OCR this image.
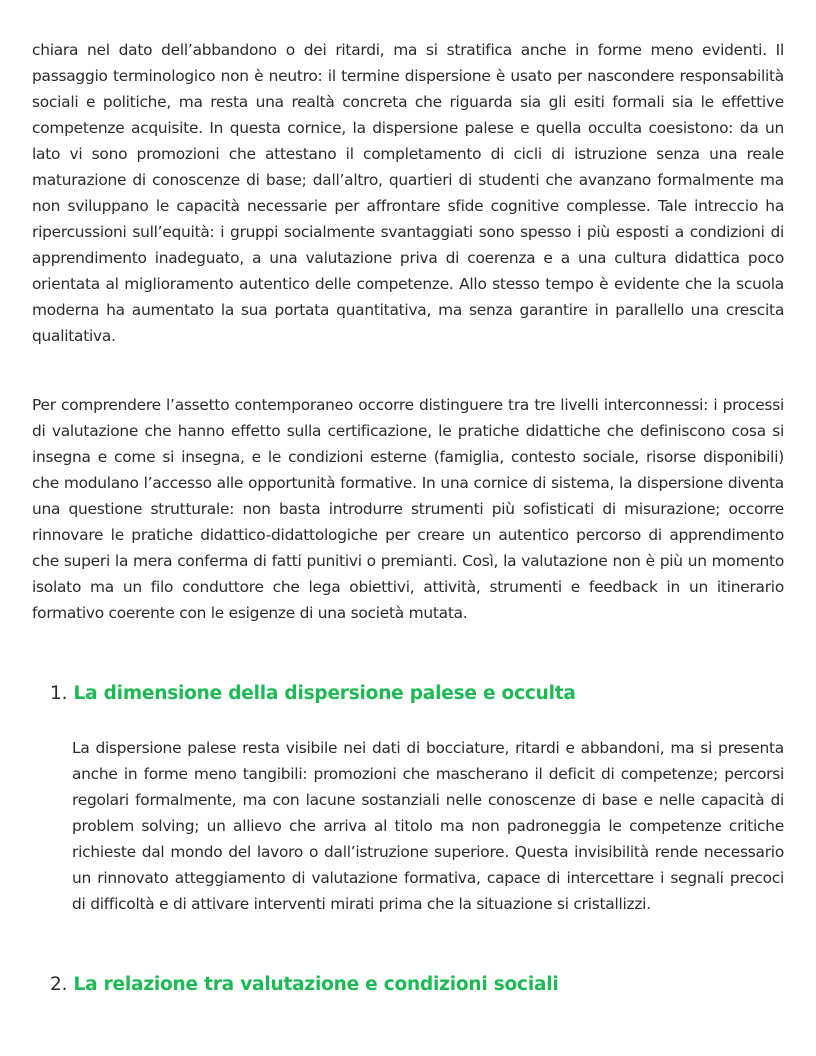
chiara nel dato dell’abbandono o dei ritardi, ma si stratifica anche in forme meno evidenti. Il passaggio terminologico non è neutro: il termine dispersione è usato per nascondere responsabilità sociali e politiche, ma resta una realtà concreta che riguarda sia gli esiti formali sia le effettive competenze acquisite. In questa cornice, la dispersione palese e quella occulta coesistono: da un lato vi sono promozioni che attestano il completamento di cicli di istruzione senza una reale maturazione di conoscenze di base; dall’altro, quartieri di studenti che avanzano formalmente ma non sviluppano le capacità necessarie per affrontare sfide cognitive complesse. Tale intreccio ha ripercussioni sull’equità: i gruppi socialmente svantaggiati sono spesso i più esposti a condizioni di apprendimento inadeguato, a una valutazione priva di coerenza e a una cultura didattica poco orientata al miglioramento autentico delle competenze. Allo stesso tempo è evidente che la scuola moderna ha aumentato la sua portata quantitativa, ma senza garantire in parallello una crescita qualitativa.

Per comprendere l’assetto contemporaneo occorre distinguere tra tre livelli interconnessi: i processi di valutazione che hanno effetto sulla certificazione, le pratiche didattiche che definiscono cosa si insegna e come si insegna, e le condizioni esterne (famiglia, contesto sociale, risorse disponibili) che modulano l’accesso alle opportunità formative. In una cornice di sistema, la dispersione diventa una questione strutturale: non basta introdurre strumenti più sofisticati di misurazione; occorre rinnovare le pratiche didattico-didattologiche per creare un autentico percorso di apprendimento che superi la mera conferma di fatti punitivi o premianti. Così, la valutazione non è più un momento isolato ma un filo conduttore che lega obiettivi, attività, strumenti e feedback in un itinerario formativo coerente con le esigenze di una società mutata.

1. La dimensione della dispersione palese e occulta

La dispersione palese resta visibile nei dati di bocciature, ritardi e abbandoni, ma si presenta anche in forme meno tangibili: promozioni che mascherano il deficit di competenze; percorsi regolari formalmente, ma con lacune sostanziali nelle conoscenze di base e nelle capacità di problem solving; un allievo che arriva al titolo ma non padroneggia le competenze critiche richieste dal mondo del lavoro o dall’istruzione superiore. Questa invisibilità rende necessario un rinnovato atteggiamento di valutazione formativa, capace di intercettare i segnali precoci di difficoltà e di attivare interventi mirati prima che la situazione si cristallizzi.

2. La relazione tra valutazione e condizioni sociali
